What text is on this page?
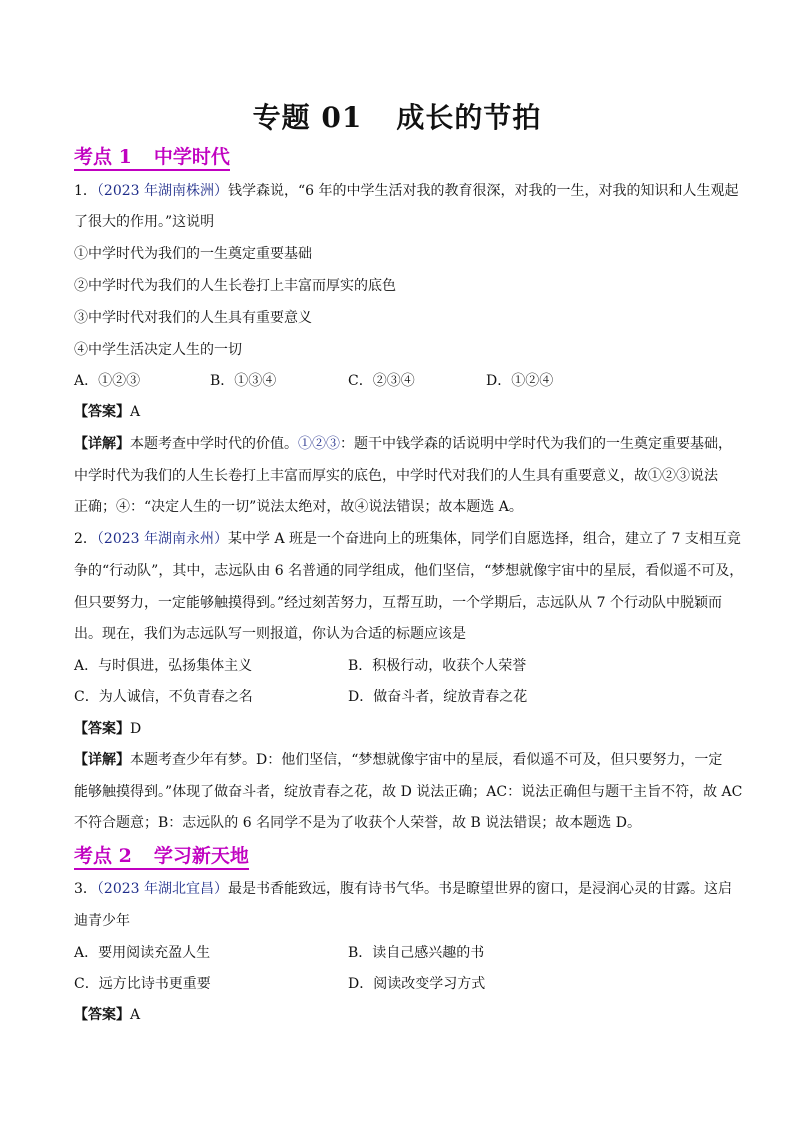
专题 01 成长的节拍
考点 1 中学时代
1．（2023 年湖南株洲）钱学森说，“6 年的中学生活对我的教育很深，对我的一生，对我的知识和人生观起
了很大的作用。”这说明
①中学时代为我们的一生奠定重要基础
②中学时代为我们的人生长卷打上丰富而厚实的底色
③中学时代对我们的人生具有重要意义
④中学生活决定人生的一切
A．①②③	B．①③④	C．②③④	D．①②④
【答案】A
【详解】本题考查中学时代的价值。①②③：题干中钱学森的话说明中学时代为我们的一生奠定重要基础，
中学时代为我们的人生长卷打上丰富而厚实的底色，中学时代对我们的人生具有重要意义，故①②③说法
正确；④：“决定人生的一切”说法太绝对，故④说法错误；故本题选 A。
2．（2023 年湖南永州）某中学 A 班是一个奋进向上的班集体，同学们自愿选择，组合，建立了 7 支相互竞
争的“行动队”，其中，志远队由 6 名普通的同学组成，他们坚信，“梦想就像宇宙中的星辰，看似遥不可及，
但只要努力，一定能够触摸得到。”经过刻苦努力，互帮互助，一个学期后，志远队从 7 个行动队中脱颖而
出。现在，我们为志远队写一则报道，你认为合适的标题应该是
A．与时俱进，弘扬集体主义	B．积极行动，收获个人荣誉
C．为人诚信，不负青春之名	D．做奋斗者，绽放青春之花
【答案】D
【详解】本题考查少年有梦。D：他们坚信，“梦想就像宇宙中的星辰，看似遥不可及，但只要努力，一定
能够触摸得到。”体现了做奋斗者，绽放青春之花，故 D 说法正确；AC：说法正确但与题干主旨不符，故 AC
不符合题意；B：志远队的 6 名同学不是为了收获个人荣誉，故 B 说法错误；故本题选 D。
考点 2 学习新天地
3．（2023 年湖北宜昌）最是书香能致远，腹有诗书气华。书是瞭望世界的窗口，是浸润心灵的甘露。这启
迪青少年
A．要用阅读充盈人生	B．读自己感兴趣的书
C．远方比诗书更重要	D．阅读改变学习方式
【答案】A
